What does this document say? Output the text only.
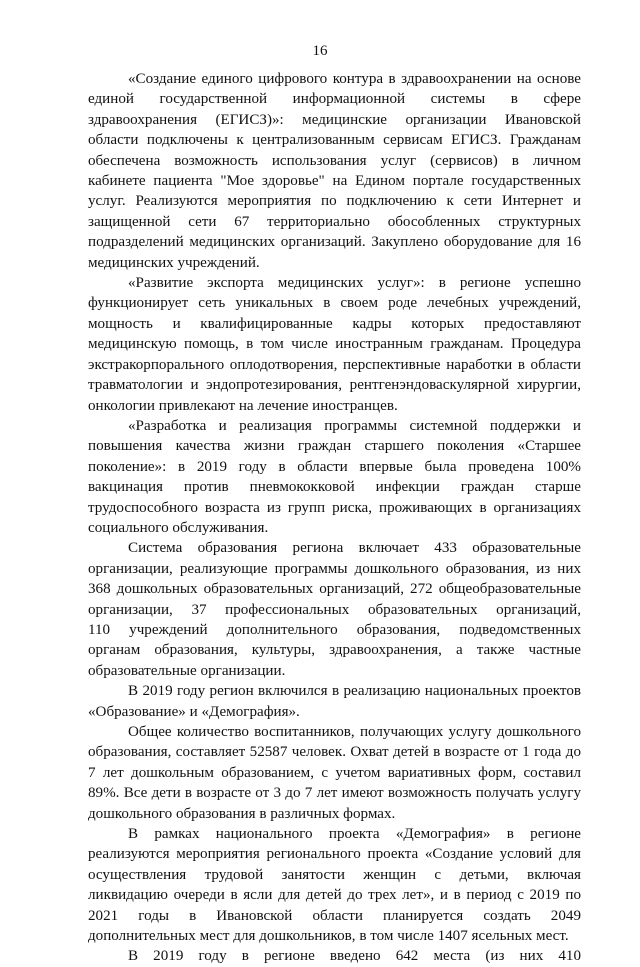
16
«Создание единого цифрового контура в здравоохранении на основе
единой государственной информационной системы в сфере
здравоохранения (ЕГИСЗ)»: медицинские организации Ивановской
области подключены к централизованным сервисам ЕГИСЗ. Гражданам
обеспечена возможность использования услуг (сервисов) в личном
кабинете пациента "Мое здоровье" на Едином портале государственных
услуг. Реализуются мероприятия по подключению к сети Интернет и
защищенной сети 67 территориально обособленных структурных
подразделений медицинских организаций. Закуплено оборудование для 16
медицинских учреждений.
«Развитие экспорта медицинских услуг»: в регионе успешно
функционирует сеть уникальных в своем роде лечебных учреждений,
мощность и квалифицированные кадры которых предоставляют
медицинскую помощь, в том числе иностранным гражданам. Процедура
экстракорпорального оплодотворения, перспективные наработки в области
травматологии и эндопротезирования, рентгенэндоваскулярной хирургии,
онкологии привлекают на лечение иностранцев.
«Разработка и реализация программы системной поддержки и
повышения качества жизни граждан старшего поколения «Старшее
поколение»: в 2019 году в области впервые была проведена 100%
вакцинация против пневмококковой инфекции граждан старше
трудоспособного возраста из групп риска, проживающих в организациях
социального обслуживания.
Система образования региона включает 433 образовательные
организации, реализующие программы дошкольного образования, из них
368 дошкольных образовательных организаций, 272 общеобразовательные
организации, 37 профессиональных образовательных организаций,
110 учреждений дополнительного образования, подведомственных
органам образования, культуры, здравоохранения, а также частные
образовательные организации.
В 2019 году регион включился в реализацию национальных проектов
«Образование» и «Демография».
Общее количество воспитанников, получающих услугу дошкольного
образования, составляет 52587 человек. Охват детей в возрасте от 1 года до
7 лет дошкольным образованием, с учетом вариативных форм, составил
89%. Все дети в возрасте от 3 до 7 лет имеют возможность получать услугу
дошкольного образования в различных формах.
В рамках национального проекта «Демография» в регионе
реализуются мероприятия регионального проекта «Создание условий для
осуществления трудовой занятости женщин с детьми, включая
ликвидацию очереди в ясли для детей до трех лет», и в период с 2019 по
2021 годы в Ивановской области планируется создать 2049
дополнительных мест для дошкольников, в том числе 1407 ясельных мест.
В 2019 году в регионе введено 642 места (из них 410
